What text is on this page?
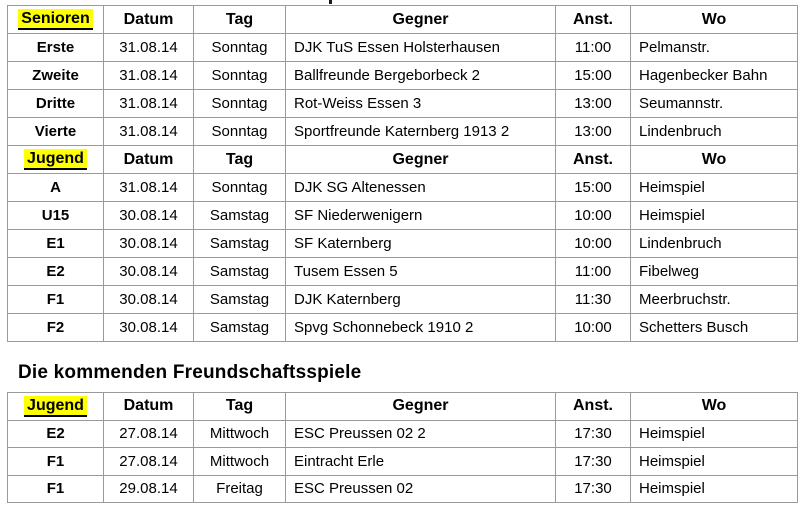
Senioren	Datum	Tag	Gegner	Anst.	Wo
Erste	31.08.14	Sonntag	DJK TuS Essen Holsterhausen	11:00	Pelmanstr.
Zweite	31.08.14	Sonntag	Ballfreunde Bergeborbeck 2	15:00	Hagenbecker Bahn
Dritte	31.08.14	Sonntag	Rot-Weiss Essen 3	13:00	Seumannstr.
Vierte	31.08.14	Sonntag	Sportfreunde Katernberg 1913 2	13:00	Lindenbruch
Jugend	Datum	Tag	Gegner	Anst.	Wo
A	31.08.14	Sonntag	DJK SG Altenessen	15:00	Heimspiel
U15	30.08.14	Samstag	SF Niederwenigern	10:00	Heimspiel
E1	30.08.14	Samstag	SF Katernberg	10:00	Lindenbruch
E2	30.08.14	Samstag	Tusem Essen 5	11:00	Fibelweg
F1	30.08.14	Samstag	DJK Katernberg	11:30	Meerbruchstr.
F2	30.08.14	Samstag	Spvg Schonnebeck 1910 2	10:00	Schetters Busch
Die kommenden Freundschaftsspiele
Jugend	Datum	Tag	Gegner	Anst.	Wo
E2	27.08.14	Mittwoch	ESC Preussen 02 2	17:30	Heimspiel
F1	27.08.14	Mittwoch	Eintracht Erle	17:30	Heimspiel
F1	29.08.14	Freitag	ESC Preussen 02	17:30	Heimspiel
